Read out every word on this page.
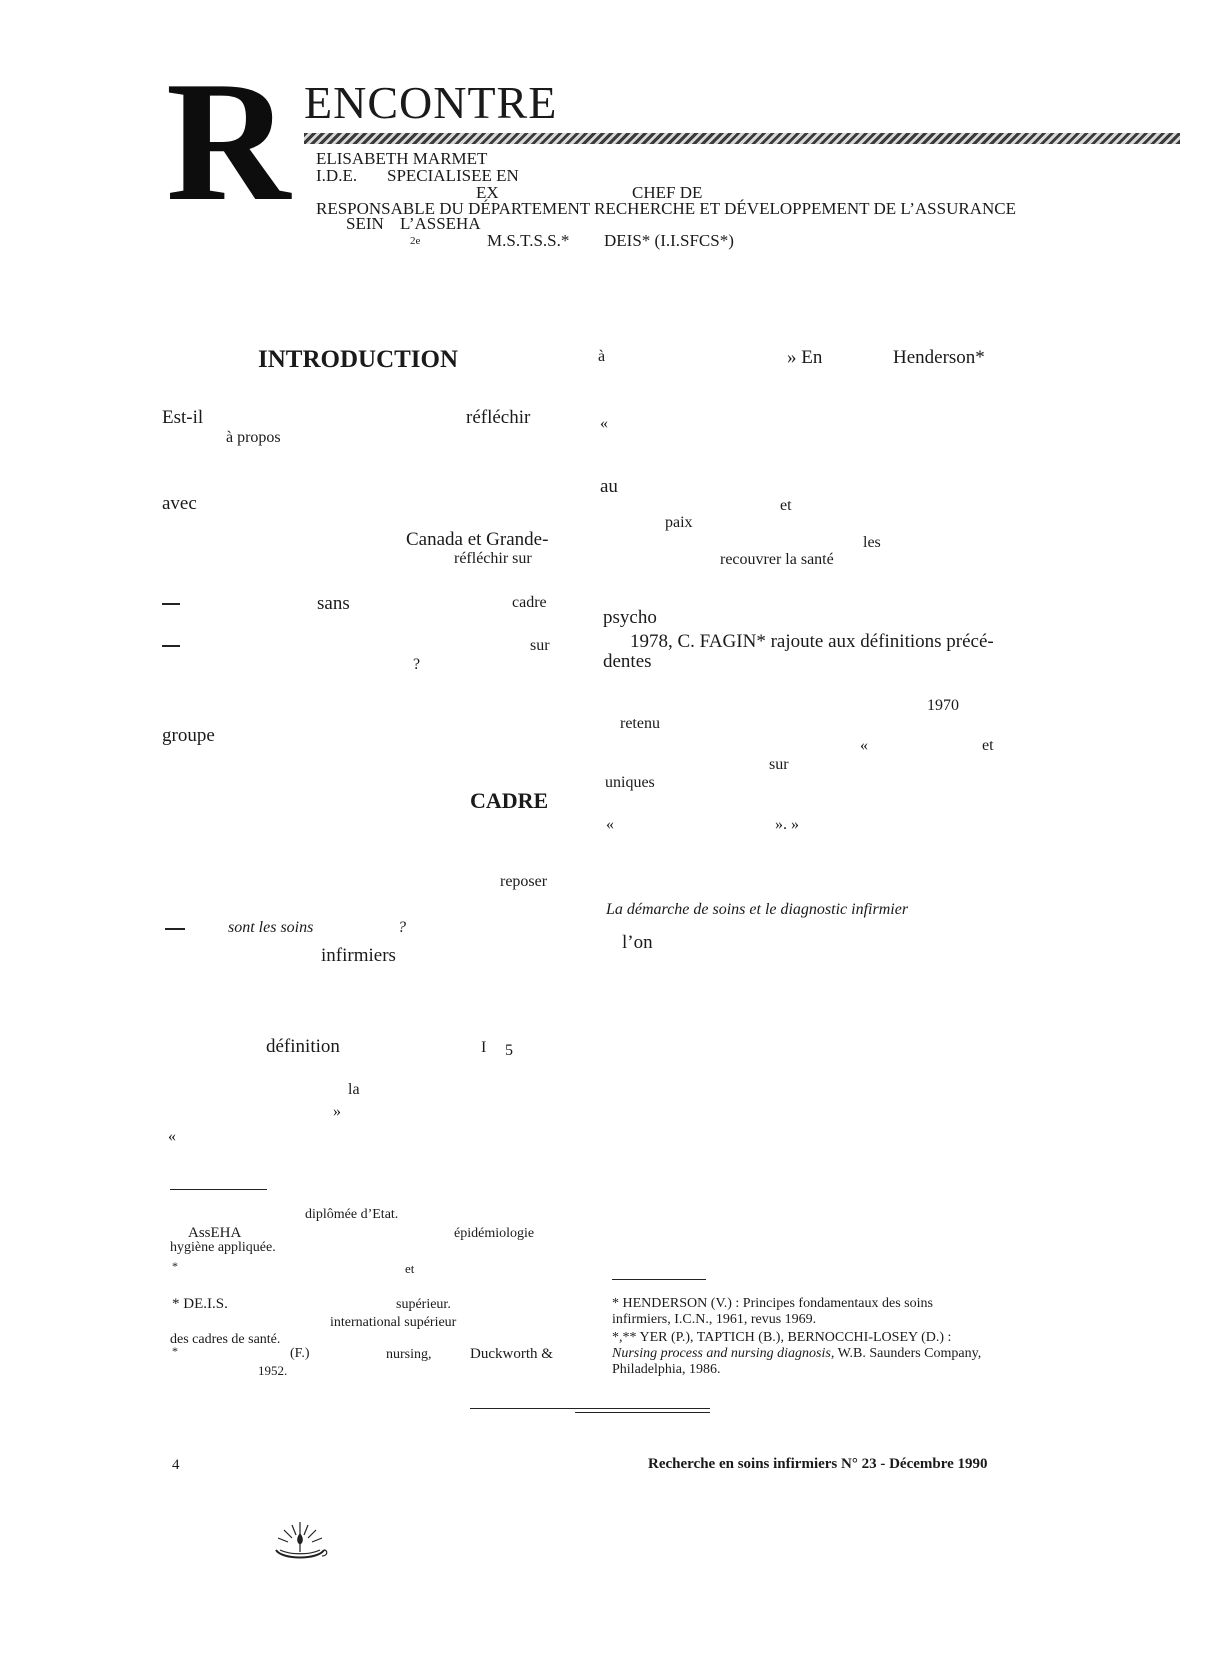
R ENCONTRE
ELISABETH MARMET
I.D.E. SPECIALISEE EN
EX	CHEF DE
RESPONSABLE DU DÉPARTEMENT RECHERCHE ET DÉVELOPPEMENT DE L’ASSURANCE
SEIN L’ASSEHA
2e	M.S.T.S.S.* DEIS* (I.I.SFCS*)
INTRODUCTION
Est-il	réfléchir
à propos
avec
Canada et Grande-
réfléchir sur
sans	cadre
sur
?
groupe
CADRE
reposer
sont les soins	?
infirmiers
définition	I 5
la
»
«
à	» En	Henderson*
«
au
et
paix
les
recouvrer la santé
psycho
1978, C. FAGIN* rajoute aux définitions précé-
dentes
1970
retenu
«	et
sur
uniques
«	». »
La démarche de soins et le diagnostic infirmier
l’on
diplômée d’Etat.
AssEHA	épidémiologie
hygiène appliquée.
*	et
* DE.I.S.	supérieur.
international supérieur
des cadres de santé.
*	(F.)	nursing,	Duckworth &
1952.
* HENDERSON (V.) : Principes fondamentaux des soins
infirmiers, I.C.N., 1961, revus 1969.
*,** YER (P.), TAPTICH (B.), BERNOCCHI-LOSEY (D.) :
Nursing process and nursing diagnosis, W.B. Saunders Company,
Philadelphia, 1986.
4	Recherche en soins infirmiers N° 23 - Décembre 1990
